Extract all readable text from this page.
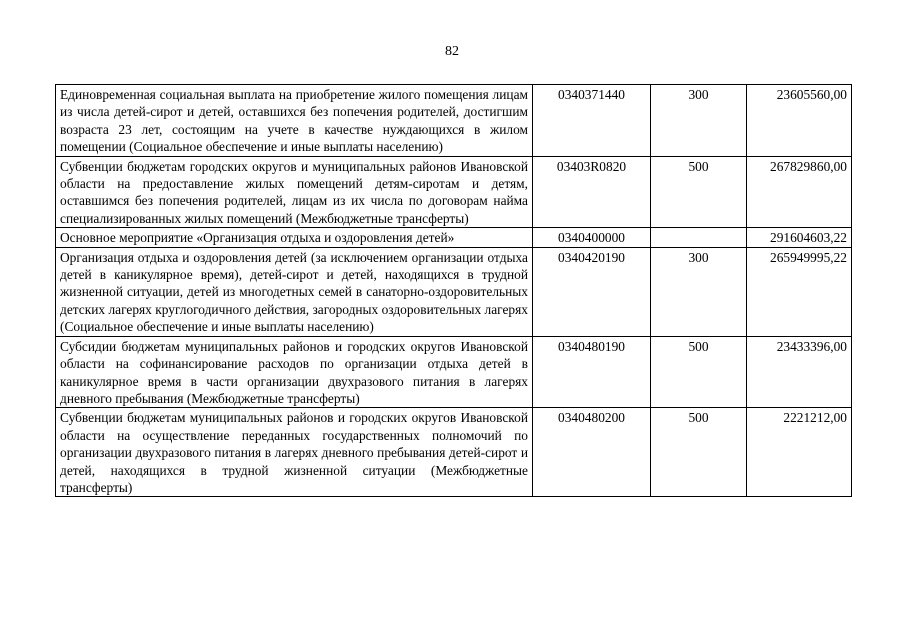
82
Единовременная социальная выплата на приобретение жилого помещения лицам из числа детей-сирот и детей, оставшихся без попечения родителей, достигшим возраста 23 лет, состоящим на учете в качестве нуждающихся в жилом помещении (Социальное обеспечение и иные выплаты населению)	0340371440	300	23605560,00
Субвенции бюджетам городских округов и муниципальных районов Ивановской области на предоставление жилых помещений детям-сиротам и детям, оставшимся без попечения родителей, лицам из их числа по договорам найма специализированных жилых помещений (Межбюджетные трансферты)	03403R0820	500	267829860,00
Основное мероприятие «Организация отдыха и оздоровления детей»	0340400000		291604603,22
Организация отдыха и оздоровления детей (за исключением организации отдыха детей в каникулярное время), детей-сирот и детей, находящихся в трудной жизненной ситуации, детей из многодетных семей в санаторно-оздоровительных детских лагерях круглогодичного действия, загородных оздоровительных лагерях (Социальное обеспечение и иные выплаты населению)	0340420190	300	265949995,22
Субсидии бюджетам муниципальных районов и городских округов Ивановской области на софинансирование расходов по организации отдыха детей в каникулярное время в части организации двухразового питания в лагерях дневного пребывания (Межбюджетные трансферты)	0340480190	500	23433396,00
Субвенции бюджетам муниципальных районов и городских округов Ивановской области на осуществление переданных государственных полномочий по организации двухразового питания в лагерях дневного пребывания детей-сирот и детей, находящихся в трудной жизненной ситуации (Межбюджетные трансферты)	0340480200	500	2221212,00
